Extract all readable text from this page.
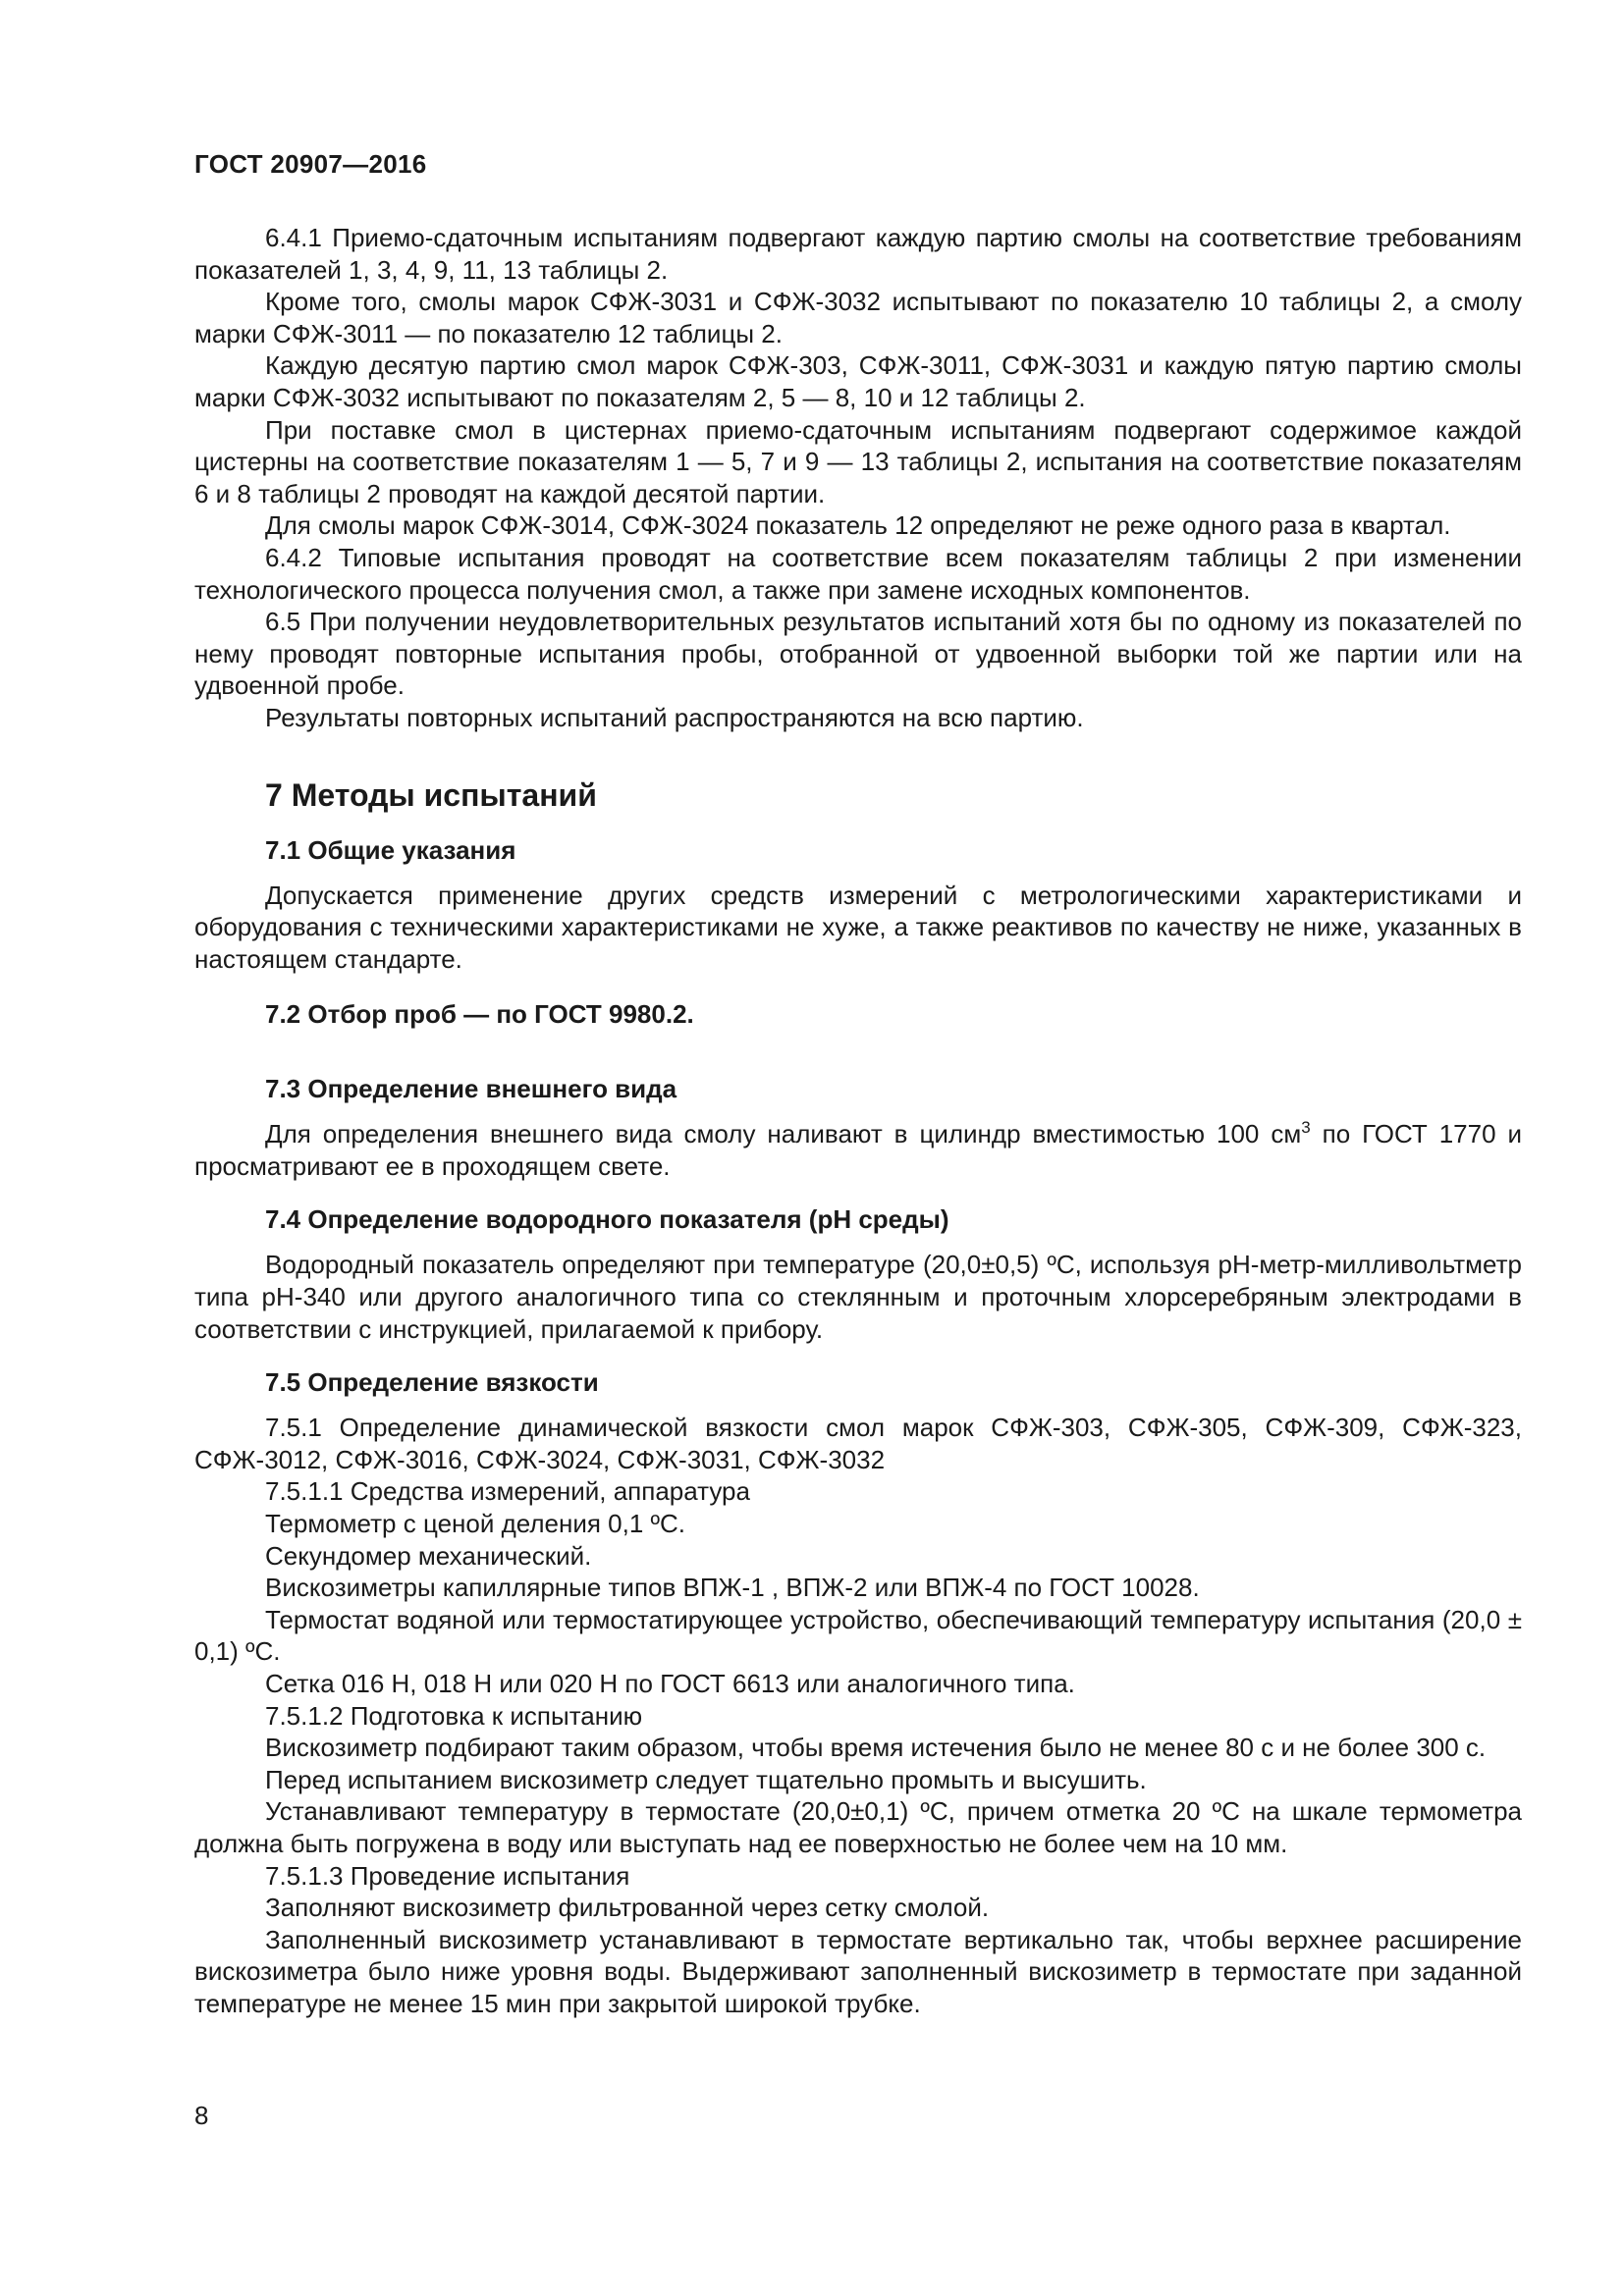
ГОСТ 20907—2016

6.4.1 Приемо-сдаточным испытаниям подвергают каждую партию смолы на соответствие требованиям показателей 1, 3, 4, 9, 11, 13 таблицы 2.

Кроме того, смолы марок СФЖ-3031 и СФЖ-3032 испытывают по показателю 10 таблицы 2, а смолу марки СФЖ-3011 — по показателю 12 таблицы 2.

Каждую десятую партию смол марок СФЖ-303, СФЖ-3011, СФЖ-3031 и каждую пятую партию смолы марки СФЖ-3032 испытывают по показателям 2, 5 — 8, 10 и 12 таблицы 2.

При поставке смол в цистернах приемо-сдаточным испытаниям подвергают содержимое каждой цистерны на соответствие показателям 1 — 5, 7 и 9 — 13 таблицы 2, испытания на соответствие показателям 6 и 8 таблицы 2 проводят на каждой десятой партии.

Для смолы марок СФЖ-3014, СФЖ-3024 показатель 12 определяют не реже одного раза в квартал.

6.4.2 Типовые испытания проводят на соответствие всем показателям таблицы 2 при изменении технологического процесса получения смол, а также при замене исходных компонентов.

6.5 При получении неудовлетворительных результатов испытаний хотя бы по одному из показателей по нему проводят повторные испытания пробы, отобранной от удвоенной выборки той же партии или на удвоенной пробе.

Результаты повторных испытаний распространяются на всю партию.

7 Методы испытаний
7.1 Общие указания

Допускается применение других средств измерений с метрологическими характеристиками и оборудования с техническими характеристиками не хуже, а также реактивов по качеству не ниже, указанных в настоящем стандарте.

7.2 Отбор проб — по ГОСТ 9980.2.
7.3 Определение внешнего вида

Для определения внешнего вида смолу наливают в цилиндр вместимостью 100 $см^3$ по ГОСТ 1770 и просматривают ее в проходящем свете.

7.4 Определение водородного показателя (pH среды)

Водородный показатель определяют при температуре (20,0±0,5) ºС, используя pH-метр-милливольтметр типа pH-340 или другого аналогичного типа со стеклянным и проточным хлорсеребряным электродами в соответствии с инструкцией, прилагаемой к прибору.

7.5 Определение вязкости

7.5.1 Определение динамической вязкости смол марок СФЖ-303, СФЖ-305, СФЖ-309, СФЖ-323, СФЖ-3012, СФЖ-3016, СФЖ-3024, СФЖ-3031, СФЖ-3032

7.5.1.1 Средства измерений, аппаратура

Термометр с ценой деления 0,1 ºС.

Секундомер механический.

Вискозиметры капиллярные типов ВПЖ-1 , ВПЖ-2 или ВПЖ-4 по ГОСТ 10028.

Термостат водяной или термостатирующее устройство, обеспечивающий температуру испытания (20,0 ± 0,1) ºС.

Сетка 016 Н, 018 Н или 020 Н по ГОСТ 6613 или аналогичного типа.

7.5.1.2 Подготовка к испытанию

Вискозиметр подбирают таким образом, чтобы время истечения было не менее 80 с и не более 300 с.

Перед испытанием вискозиметр следует тщательно промыть и высушить.

Устанавливают температуру в термостате (20,0±0,1) ºС, причем отметка 20 ºС на шкале термометра должна быть погружена в воду или выступать над ее поверхностью не более чем на 10 мм.

7.5.1.3 Проведение испытания

Заполняют вискозиметр фильтрованной через сетку смолой.

Заполненный вискозиметр устанавливают в термостате вертикально так, чтобы верхнее расширение вискозиметра было ниже уровня воды. Выдерживают заполненный вискозиметр в термостате при заданной температуре не менее 15 мин при закрытой широкой трубке.

8
